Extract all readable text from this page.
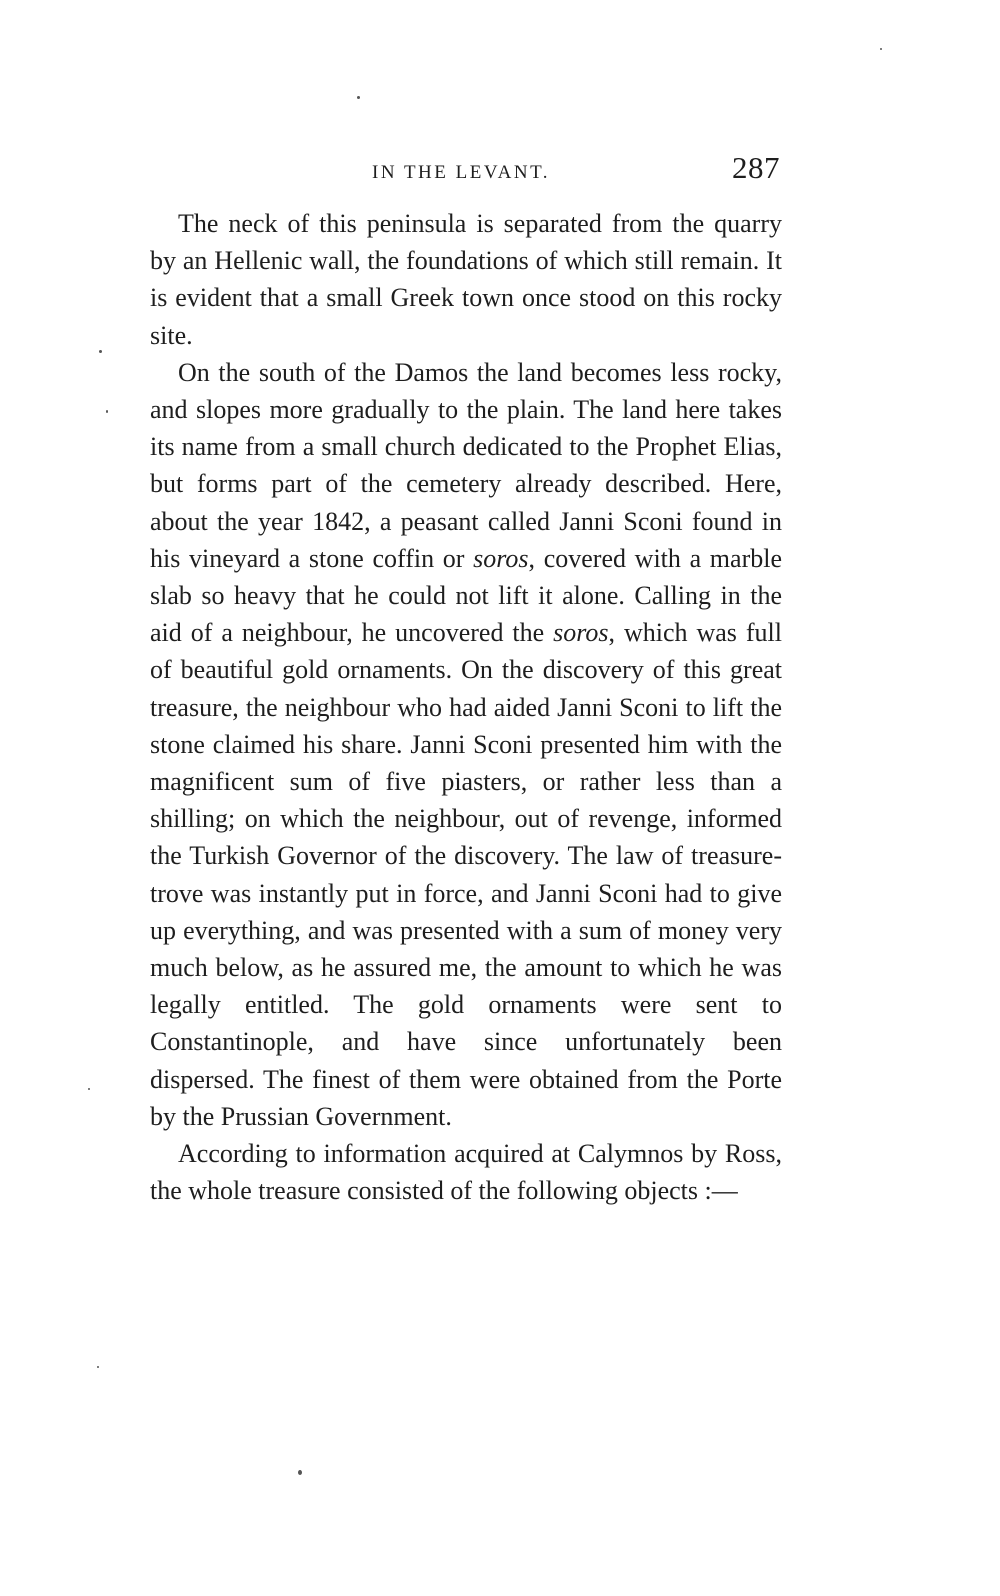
IN THE LEVANT.	287

The neck of this peninsula is separated from the quarry by an Hellenic wall, the foundations of which still remain. It is evident that a small Greek town once stood on this rocky site.

On the south of the Damos the land becomes less rocky, and slopes more gradually to the plain. The land here takes its name from a small church dedicated to the Prophet Elias, but forms part of the cemetery already described. Here, about the year 1842, a peasant called Janni Sconi found in his vineyard a stone coffin or soros, covered with a marble slab so heavy that he could not lift it alone. Calling in the aid of a neighbour, he uncovered the soros, which was full of beautiful gold ornaments. On the discovery of this great treasure, the neighbour who had aided Janni Sconi to lift the stone claimed his share. Janni Sconi presented him with the magnificent sum of five piasters, or rather less than a shilling; on which the neighbour, out of revenge, informed the Turkish Governor of the discovery. The law of treasure-trove was instantly put in force, and Janni Sconi had to give up everything, and was presented with a sum of money very much below, as he assured me, the amount to which he was legally entitled. The gold ornaments were sent to Constantinople, and have since unfortunately been dispersed. The finest of them were obtained from the Porte by the Prussian Government.

According to information acquired at Calymnos by Ross, the whole treasure consisted of the following objects :—
